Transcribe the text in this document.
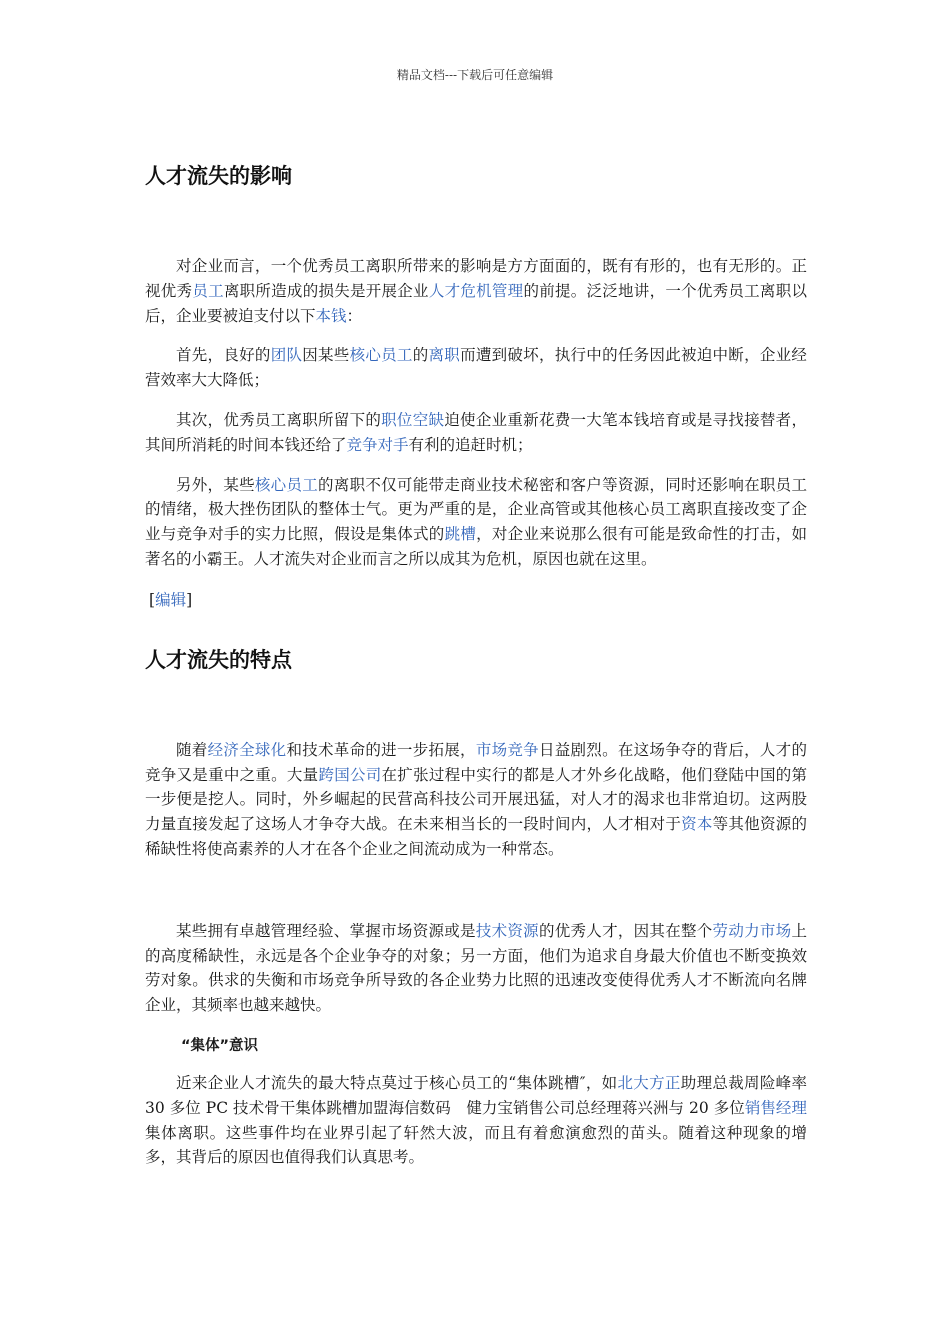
精品文档---下载后可任意编辑
人才流失的影响

对企业而言，一个优秀员工离职所带来的影响是方方面面的，既有有形的，也有无形的。正视优秀员工离职所造成的损失是开展企业人才危机管理的前提。泛泛地讲，一个优秀员工离职以后，企业要被迫支付以下本钱：

首先，良好的团队因某些核心员工的离职而遭到破坏，执行中的任务因此被迫中断，企业经营效率大大降低；

其次，优秀员工离职所留下的职位空缺迫使企业重新花费一大笔本钱培育或是寻找接替者，其间所消耗的时间本钱还给了竞争对手有利的追赶时机；

另外，某些核心员工的离职不仅可能带走商业技术秘密和客户等资源，同时还影响在职员工的情绪，极大挫伤团队的整体士气。更为严重的是，企业高管或其他核心员工离职直接改变了企业与竞争对手的实力比照，假设是集体式的跳槽，对企业来说那么很有可能是致命性的打击，如著名的小霸王。人才流失对企业而言之所以成其为危机，原因也就在这里。

[编辑]
人才流失的特点

随着经济全球化和技术革命的进一步拓展，市场竞争日益剧烈。在这场争夺的背后，人才的竞争又是重中之重。大量跨国公司在扩张过程中实行的都是人才外乡化战略，他们登陆中国的第一步便是挖人。同时，外乡崛起的民营高科技公司开展迅猛，对人才的渴求也非常迫切。这两股力量直接发起了这场人才争夺大战。在未来相当长的一段时间内，人才相对于资本等其他资源的稀缺性将使高素养的人才在各个企业之间流动成为一种常态。

某些拥有卓越管理经验、掌握市场资源或是技术资源的优秀人才，因其在整个劳动力市场上的高度稀缺性，永远是各个企业争夺的对象；另一方面，他们为追求自身最大价值也不断变换效劳对象。供求的失衡和市场竞争所导致的各企业势力比照的迅速改变使得优秀人才不断流向名牌企业，其频率也越来越快。

“集体”意识

近来企业人才流失的最大特点莫过于核心员工的“集体跳槽″，如北大方正助理总裁周险峰率 30 多位 PC 技术骨干集体跳槽加盟海信数码　健力宝销售公司总经理蒋兴洲与 20 多位销售经理集体离职。这些事件均在业界引起了轩然大波，而且有着愈演愈烈的苗头。随着这种现象的增多，其背后的原因也值得我们认真思考。
